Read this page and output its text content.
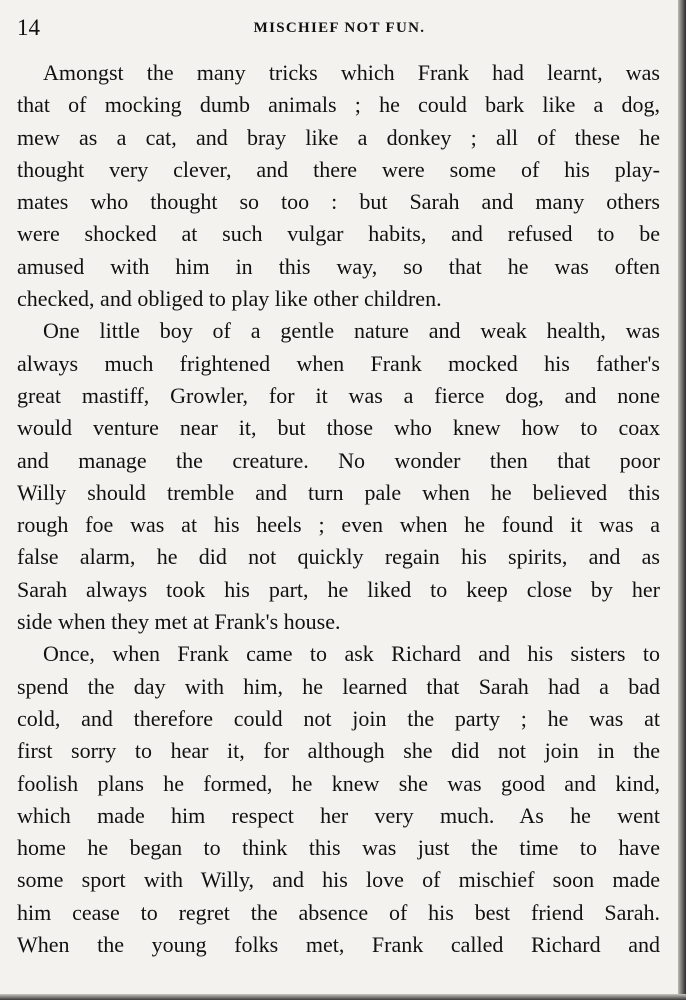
14	MISCHIEF NOT FUN.
Amongst the many tricks which Frank had learnt, was
that of mocking dumb animals ; he could bark like a dog,
mew as a cat, and bray like a donkey ; all of these he
thought very clever, and there were some of his play-
mates who thought so too : but Sarah and many others
were shocked at such vulgar habits, and refused to be
amused with him in this way, so that he was often
checked, and obliged to play like other children.
One little boy of a gentle nature and weak health, was
always much frightened when Frank mocked his father's
great mastiff, Growler, for it was a fierce dog, and none
would venture near it, but those who knew how to coax
and manage the creature. No wonder then that poor
Willy should tremble and turn pale when he believed this
rough foe was at his heels ; even when he found it was a
false alarm, he did not quickly regain his spirits, and as
Sarah always took his part, he liked to keep close by her
side when they met at Frank's house.
Once, when Frank came to ask Richard and his sisters to
spend the day with him, he learned that Sarah had a bad
cold, and therefore could not join the party ; he was at
first sorry to hear it, for although she did not join in the
foolish plans he formed, he knew she was good and kind,
which made him respect her very much. As he went
home he began to think this was just the time to have
some sport with Willy, and his love of mischief soon made
him cease to regret the absence of his best friend Sarah.
When the young folks met, Frank called Richard and
